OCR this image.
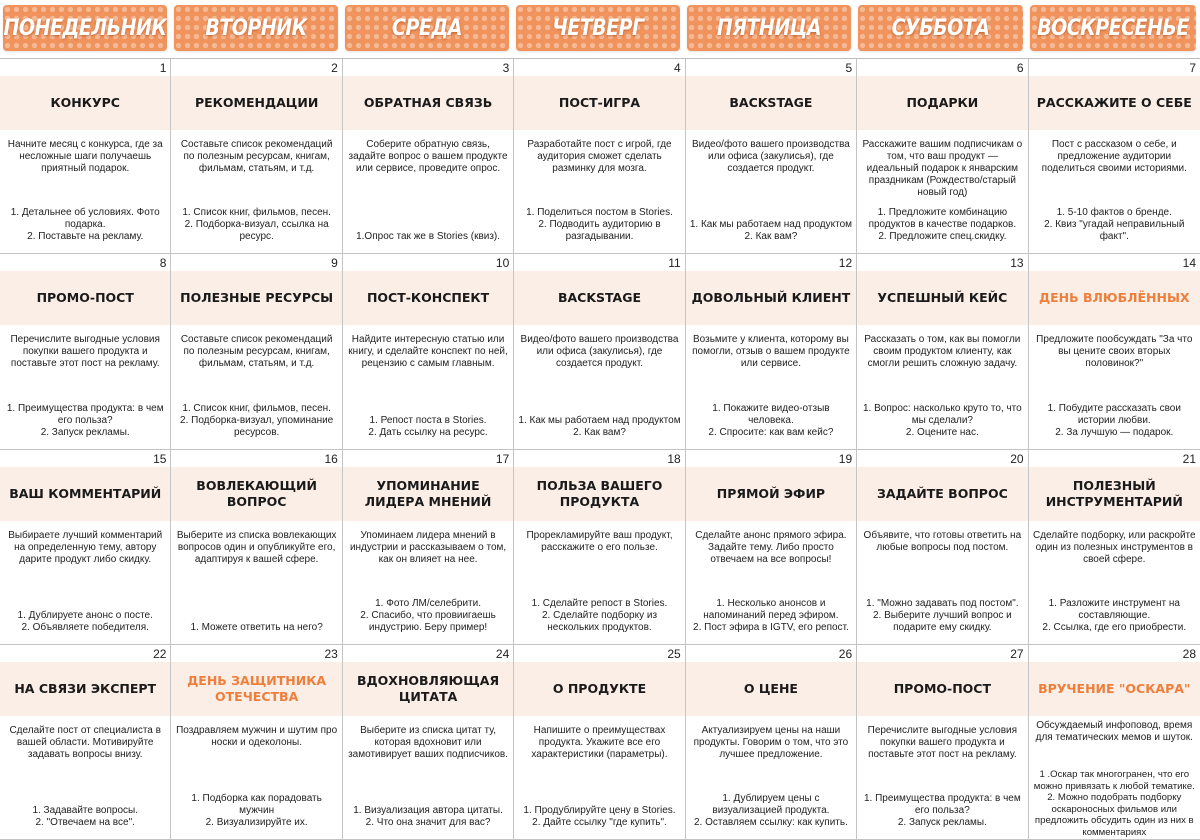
ПОНЕДЕЛЬНИК ВТОРНИК	СРЕДА	ЧЕТВЕРГ	ПЯТНИЦА	СУББОТА	ВОСКРЕСЕНЬЕ
1
КОНКУРС
Начните месяц с конкурса, где за несложные шаги получаешь приятный подарок.
1. Детальнее об условиях. Фото подарка.
2. Поставьте на рекламу.
2
РЕКОМЕНДАЦИИ
Составьте список рекомендаций по полезным ресурсам, книгам, фильмам, статьям, и т.д.
1. Список книг, фильмов, песен.
2. Подборка-визуал, ссылка на ресурс.
3
ОБРАТНАЯ СВЯЗЬ
Соберите обратную связь, задайте вопрос о вашем продукте или сервисе, проведите опрос.
1.Опрос так же в Stories (квиз).
4
ПОСТ-ИГРА
Разработайте пост с игрой, где аудитория сможет сделать разминку для мозга.
1. Поделиться постом в Stories.
2. Подводить аудиторию в разгадывании.
5
BACKSTAGE
Видео/фото вашего производства или офиса (закулисья), где создается продукт.
1. Как мы работаем над продуктом
2. Как вам?
6
ПОДАРКИ
Расскажите вашим подписчикам о том, что ваш продукт — идеальный подарок к январским праздникам (Рождество/старый новый год)
1. Предложите комбинацию продуктов в качестве подарков.
2. Предложите спец.скидку.
7
РАССКАЖИТЕ О СЕБЕ
Пост с рассказом о себе, и предложение аудитории поделиться своими историями.
1. 5-10 фактов о бренде.
2. Квиз "угадай неправильный факт".
8
ПРОМО-ПОСТ
Перечислите выгодные условия покупки вашего продукта и поставьте этот пост на рекламу.
1. Преимущества продукта: в чем его польза?
2. Запуск рекламы.
9
ПОЛЕЗНЫЕ РЕСУРСЫ
Составьте список рекомендаций по полезным ресурсам, книгам, фильмам, статьям, и т.д.
1. Список книг, фильмов, песен.
2. Подборка-визуал, упоминание ресурсов.
10
ПОСТ-КОНСПЕКТ
Найдите интересную статью или книгу, и сделайте конспект по ней, рецензию с самым главным.
1. Репост поста в Stories.
2. Дать ссылку на ресурс.
11
BACKSTAGE
Видео/фото вашего производства или офиса (закулисья), где создается продукт.
1. Как мы работаем над продуктом
2. Как вам?
12
ДОВОЛЬНЫЙ КЛИЕНТ
Возьмите у клиента, которому вы помогли, отзыв о вашем продукте или сервисе.
1. Покажите видео-отзыв человека.
2. Спросите: как вам кейс?
13
УСПЕШНЫЙ КЕЙС
Рассказать о том, как вы помогли своим продуктом клиенту, как смогли решить сложную задачу.
1. Вопрос: насколько круто то, что мы сделали?
2. Оцените нас.
14
ДЕНЬ ВЛЮБЛЁННЫХ
Предложите пообсуждать "За что вы цените своих вторых половинок?"
1. Побудите рассказать свои истории любви.
2. За лучшую — подарок.
15
ВАШ КОММЕНТАРИЙ
Выбираете лучший комментарий на определенную тему, автору дарите продукт либо скидку.
1. Дублируете анонс о посте.
2. Объявляете победителя.
16
ВОВЛЕКАЮЩИЙ ВОПРОС
Выберите из списка вовлекающих вопросов один и опубликуйте его, адаптируя к вашей сфере.
1. Можете ответить на него?
17
УПОМИНАНИЕ ЛИДЕРА МНЕНИЙ
Упоминаем лидера мнений в индустрии и рассказываем о том, как он влияет на нее.
1. Фото ЛМ/селебрити.
2. Спасибо, что провиигаешь индустрию. Беру пример!
18
ПОЛЬЗА ВАШЕГО ПРОДУКТА
Прорекламируйте ваш продукт, расскажите о его пользе.
1. Сделайте репост в Stories.
2. Сделайте подборку из нескольких продуктов.
19
ПРЯМОЙ ЭФИР
Сделайте анонс прямого эфира. Задайте тему. Либо просто отвечаем на все вопросы!
1. Несколько анонсов и напоминаний перед эфиром.
2. Пост эфира в IGTV, его репост.
20
ЗАДАЙТЕ ВОПРОС
Объявите, что готовы ответить на любые вопросы под постом.
1. "Можно задавать под постом".
2. Выберите лучший вопрос и подарите ему скидку.
21
ПОЛЕЗНЫЙ ИНСТРУМЕНТАРИЙ
Сделайте подборку, или раскройте один из полезных инструментов в своей сфере.
1. Разложите инструмент на составляющие.
2. Ссылка, где его приобрести.
22
НА СВЯЗИ ЭКСПЕРТ
Сделайте пост от специалиста в вашей области. Мотивируйте задавать вопросы внизу.
1. Задавайте вопросы.
2. "Отвечаем на все".
23
ДЕНЬ ЗАЩИТНИКА ОТЕЧЕСТВА
Поздравляем мужчин и шутим про носки и одеколоны.
1. Подборка как порадовать мужчин
2. Визуализируйте их.
24
ВДОХНОВЛЯЮЩАЯ ЦИТАТА
Выберите из списка цитат ту, которая вдохновит или замотивирует ваших подписчиков.
1. Визуализация автора цитаты.
2. Что она значит для вас?
25
О ПРОДУКТЕ
Напишите о преимуществах продукта. Укажите все его характеристики (параметры).
1. Продублируйте цену в Stories.
2. Дайте ссылку "где купить".
26
О ЦЕНЕ
Актуализируем цены на наши продукты. Говорим о том, что это лучшее предложение.
1. Дублируем цены с визуализацией продукта.
2. Оставляем ссылку: как купить.
27
ПРОМО-ПОСТ
Перечислите выгодные условия покупки вашего продукта и поставьте этот пост на рекламу.
1. Преимущества продукта: в чем его польза?
2. Запуск рекламы.
28
ВРУЧЕНИЕ "ОСКАРА"
Обсуждаемый инфоповод, время для тематических мемов и шуток.
1 .Оскар так многогранен, что его можно привязать к любой тематике. 2. Можно подобрать подборку оскароносных фильмов или предложить обсудить один из них в комментариях
